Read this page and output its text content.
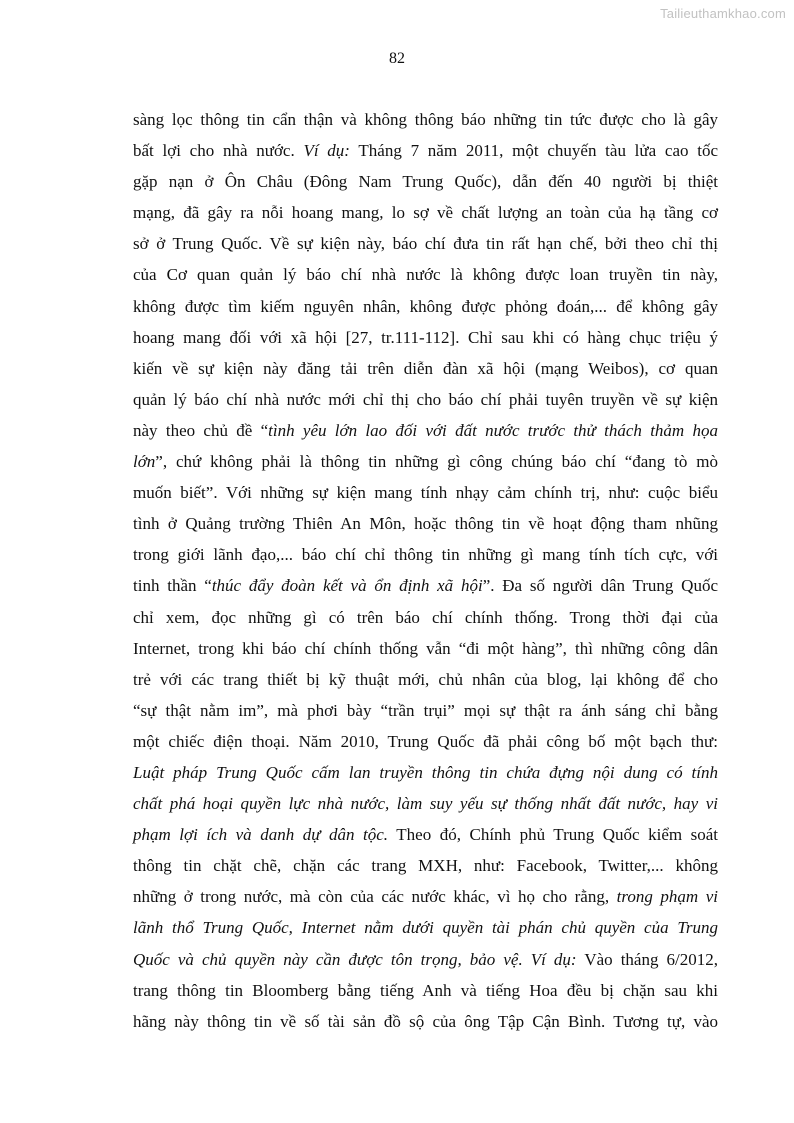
Tailieuthamkhao.com
82
sàng lọc thông tin cẩn thận và không thông báo những tin tức được cho là gây
bất lợi cho nhà nước. Ví dụ: Tháng 7 năm 2011, một chuyến tàu lửa cao tốc
gặp nạn ở Ôn Châu (Đông Nam Trung Quốc), dẫn đến 40 người bị thiệt
mạng, đã gây ra nỗi hoang mang, lo sợ về chất lượng an toàn của hạ tầng cơ
sở ở Trung Quốc. Về sự kiện này, báo chí đưa tin rất hạn chế, bởi theo chỉ thị
của Cơ quan quản lý báo chí nhà nước là không được loan truyền tin này,
không được tìm kiếm nguyên nhân, không được phỏng đoán,... để không gây
hoang mang đối với xã hội [27, tr.111-112]. Chỉ sau khi có hàng chục triệu ý
kiến về sự kiện này đăng tải trên diễn đàn xã hội (mạng Weibos), cơ quan
quản lý báo chí nhà nước mới chỉ thị cho báo chí phải tuyên truyền về sự kiện
này theo chủ đề “tình yêu lớn lao đối với đất nước trước thử thách thảm họa
lớn”, chứ không phải là thông tin những gì công chúng báo chí “đang tò mò
muốn biết”. Với những sự kiện mang tính nhạy cảm chính trị, như: cuộc biểu
tình ở Quảng trường Thiên An Môn, hoặc thông tin về hoạt động tham nhũng
trong giới lãnh đạo,... báo chí chỉ thông tin những gì mang tính tích cực, với
tinh thần “thúc đẩy đoàn kết và ổn định xã hội”. Đa số người dân Trung Quốc
chỉ xem, đọc những gì có trên báo chí chính thống. Trong thời đại của
Internet, trong khi báo chí chính thống vẫn “đi một hàng”, thì những công dân
trẻ với các trang thiết bị kỹ thuật mới, chủ nhân của blog, lại không để cho
“sự thật nằm im”, mà phơi bày “trần trụi” mọi sự thật ra ánh sáng chỉ bằng
một chiếc điện thoại. Năm 2010, Trung Quốc đã phải công bố một bạch thư:
Luật pháp Trung Quốc cấm lan truyền thông tin chứa đựng nội dung có tính
chất phá hoại quyền lực nhà nước, làm suy yếu sự thống nhất đất nước, hay vi
phạm lợi ích và danh dự dân tộc. Theo đó, Chính phủ Trung Quốc kiểm soát
thông tin chặt chẽ, chặn các trang MXH, như: Facebook, Twitter,... không
những ở trong nước, mà còn của các nước khác, vì họ cho rằng, trong phạm vi
lãnh thổ Trung Quốc, Internet nằm dưới quyền tài phán chủ quyền của Trung
Quốc và chủ quyền này cần được tôn trọng, bảo vệ. Ví dụ: Vào tháng 6/2012,
trang thông tin Bloomberg bằng tiếng Anh và tiếng Hoa đều bị chặn sau khi
hãng này thông tin về số tài sản đồ sộ của ông Tập Cận Bình. Tương tự, vào
